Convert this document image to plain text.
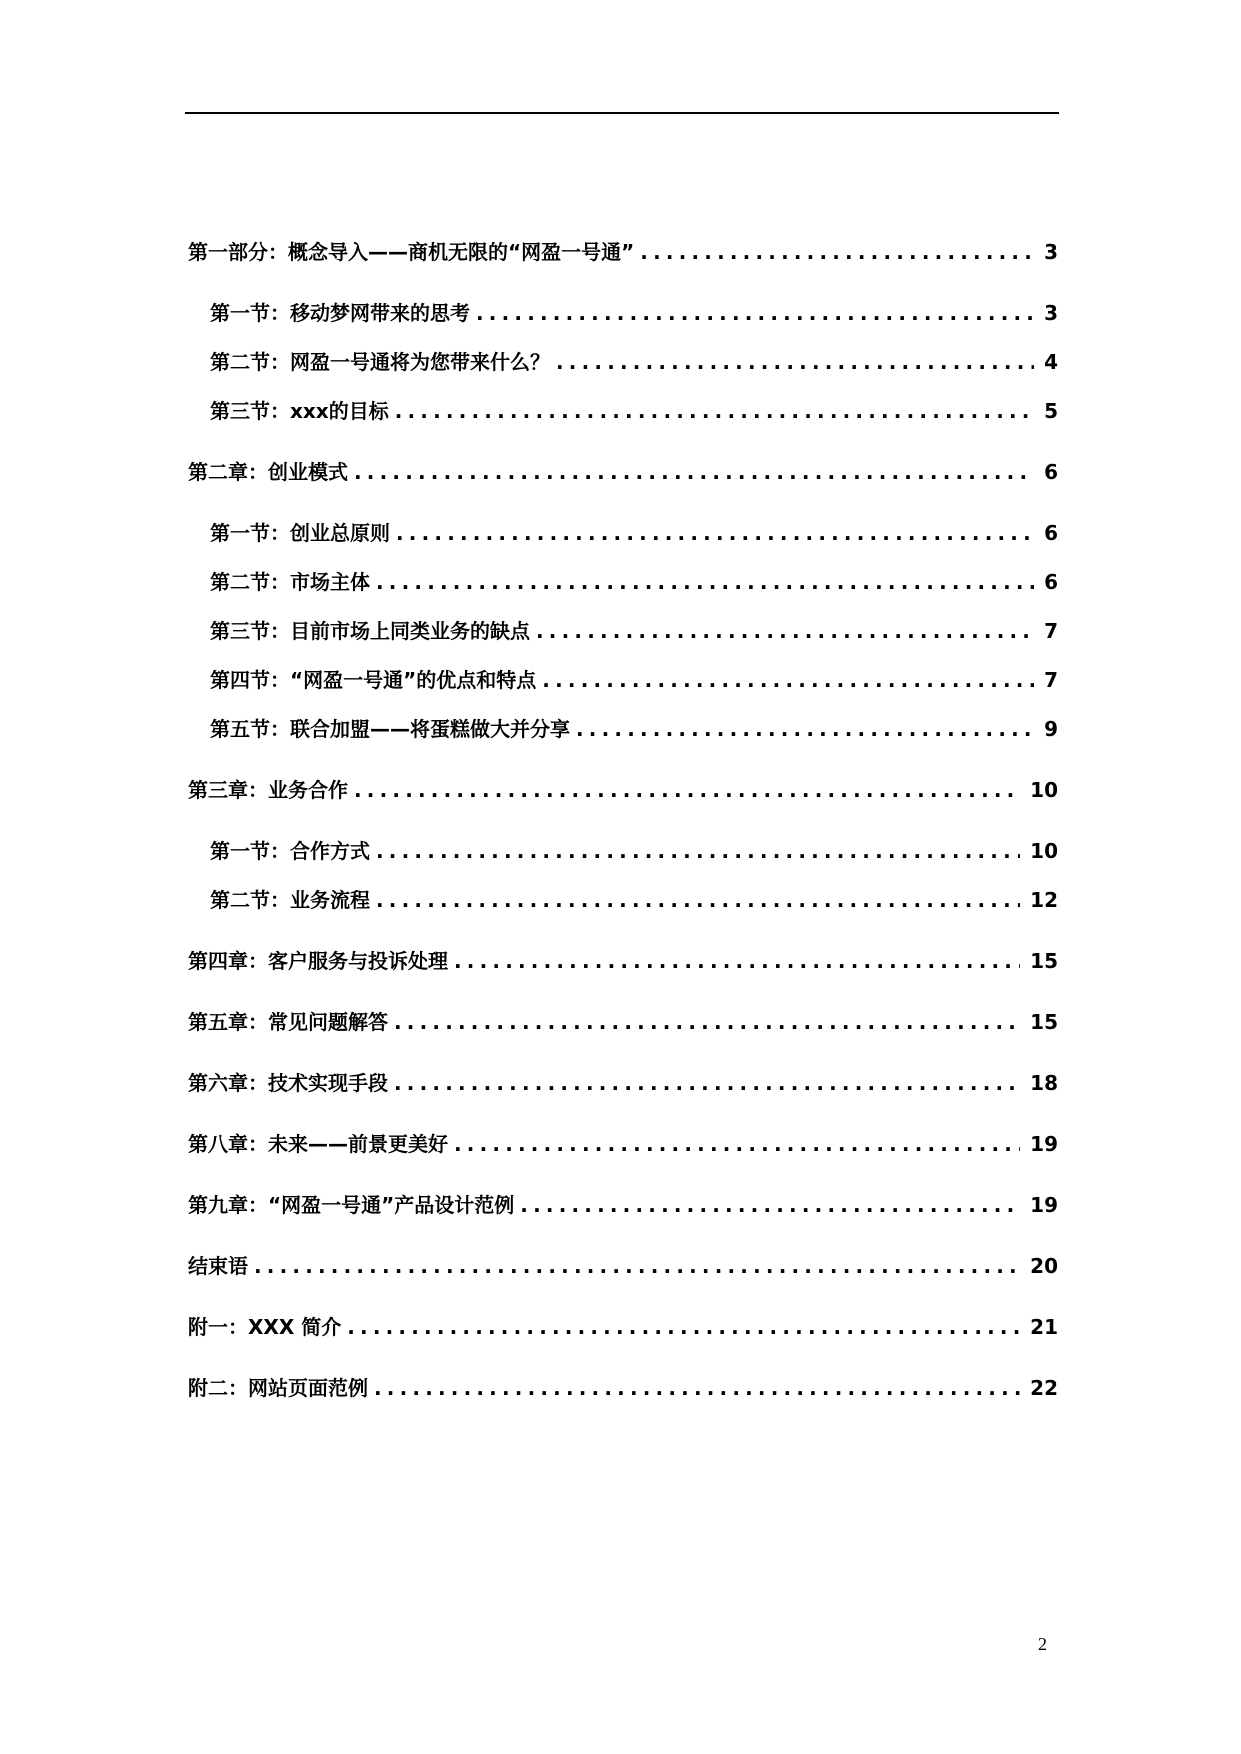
第一部分：概念导入——商机无限的“网盈一号通” .....	3
第一节：移动梦网带来的思考 .....	3
第二节：网盈一号通将为您带来什么？ .....	4
第三节：xxx的目标 .....	5
第二章：创业模式 .....	6
第一节：创业总原则 .....	6
第二节：市场主体 .....	6
第三节：目前市场上同类业务的缺点 .....	7
第四节：“网盈一号通”的优点和特点 .....	7
第五节：联合加盟——将蛋糕做大并分享 .....	9
第三章：业务合作 .....	10
第一节：合作方式 .....	10
第二节：业务流程 .....	12
第四章：客户服务与投诉处理 .....	15
第五章：常见问题解答 .....	15
第六章：技术实现手段 .....	18
第八章：未来——前景更美好 .....	19
第九章：“网盈一号通”产品设计范例 .....	19
结束语 .....	20
附一：XXX 简介 .....	21
附二：网站页面范例 .....	22
2
